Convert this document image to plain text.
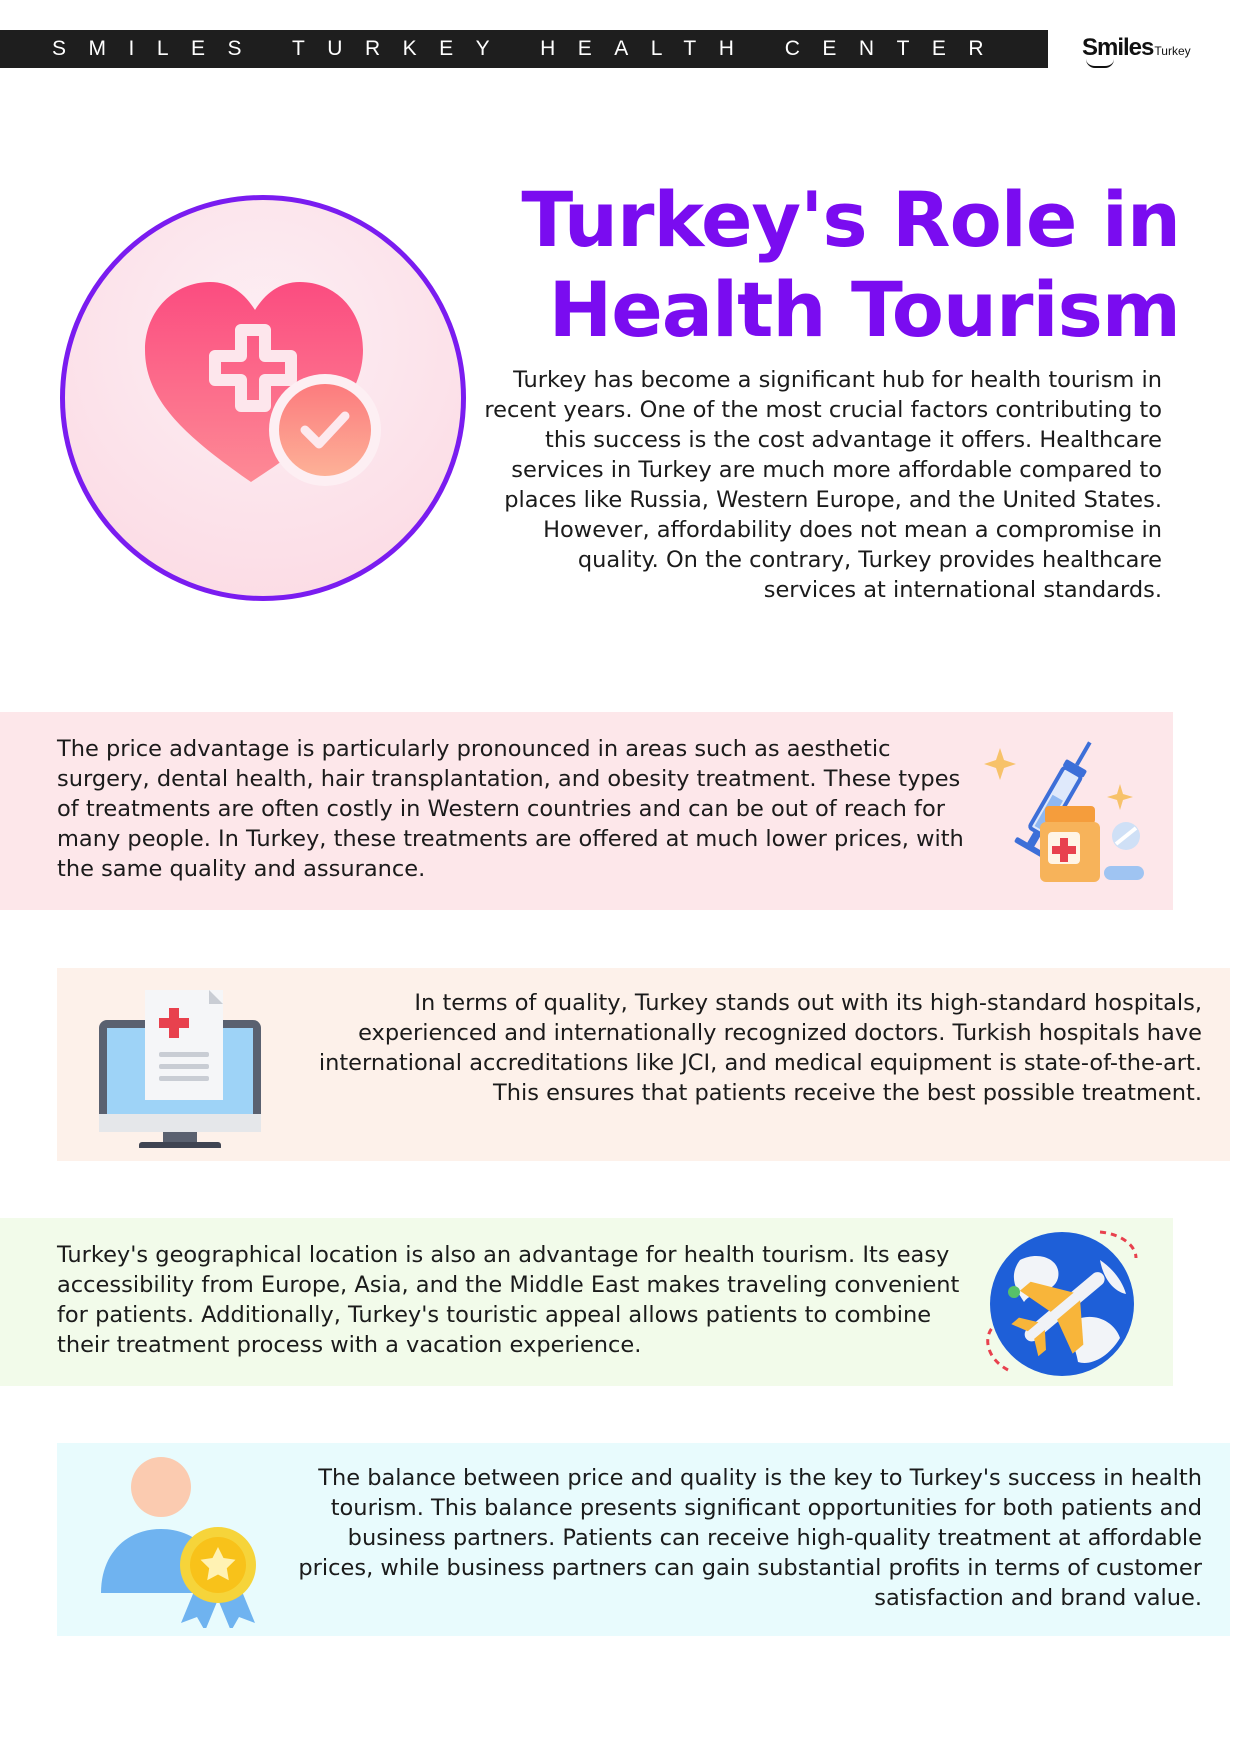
SMILES TURKEY HEALTH CENTER	Smiles Turkey
Turkey's Role in Health Tourism

Turkey has become a significant hub for health tourism in recent years. One of the most crucial factors contributing to this success is the cost advantage it offers. Healthcare services in Turkey are much more affordable compared to places like Russia, Western Europe, and the United States. However, affordability does not mean a compromise in quality. On the contrary, Turkey provides healthcare services at international standards.

The price advantage is particularly pronounced in areas such as aesthetic surgery, dental health, hair transplantation, and obesity treatment. These types of treatments are often costly in Western countries and can be out of reach for many people. In Turkey, these treatments are offered at much lower prices, with the same quality and assurance.

In terms of quality, Turkey stands out with its high-standard hospitals, experienced and internationally recognized doctors. Turkish hospitals have international accreditations like JCI, and medical equipment is state-of-the-art. This ensures that patients receive the best possible treatment.

Turkey's geographical location is also an advantage for health tourism. Its easy accessibility from Europe, Asia, and the Middle East makes traveling convenient for patients. Additionally, Turkey's touristic appeal allows patients to combine their treatment process with a vacation experience.

The balance between price and quality is the key to Turkey's success in health tourism. This balance presents significant opportunities for both patients and business partners. Patients can receive high-quality treatment at affordable prices, while business partners can gain substantial profits in terms of customer satisfaction and brand value.
